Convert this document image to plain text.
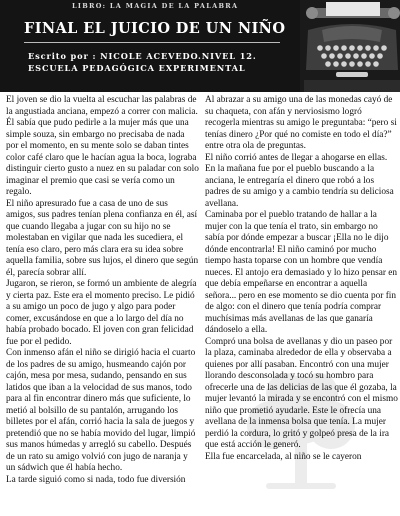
LIBRO: LA MAGIA DE LA PALABRA
FINAL EL JUICIO DE UN NIÑO
Escrito por : NICOLE ACEVEDO.NIVEL 12.
ESCUELA PEDAGÓGICA EXPERIMENTAL

El joven se dio la vuelta al escuchar las palabras de la angustiada anciana, empezó a correr con malicia. Él sabía que pudo pedirle a la mujer más que una simple souza, sin embargo no precisaba de nada por el momento, en su mente solo se daban tintes color café claro que le hacían agua la boca, lograba distinguir cierto gusto a nuez en su paladar con solo imaginar el premio que casi se vería como un regalo.

El niño apresurado fue a casa de uno de sus amigos, sus padres tenían plena confianza en él, así que cuando llegaba a jugar con su hijo no se molestaban en vigilar que nada les sucediera, el tenía eso claro, pero más clara era su idea sobre aquella familia, sobre sus lujos, el dinero que según él, parecía sobrar allí.

Jugaron, se rieron, se formó un ambiente de alegría y cierta paz. Este era el momento preciso. Le pidió a su amigo un poco de jugo y algo para poder comer, excusándose en que a lo largo del día no había probado bocado. El joven con gran felicidad fue por el pedido.

Con inmenso afán el niño se dirigió hacia el cuarto de los padres de su amigo, husmeando cajón por cajón, mesa por mesa, sudando, pensando en sus latidos que iban a la velocidad de sus manos, todo para al fin encontrar dinero más que suficiente, lo metió al bolsillo de su pantalón, arrugando los billetes por el afán, corrió hacia la sala de juegos y pretendió que no se había movido del lugar, limpió sus manos húmedas y arregló su cabello. Después de un rato su amigo volvió con jugo de naranja y un sádwich que él había hecho.

La tarde siguió como si nada, todo fue diversión

Al abrazar a su amigo una de las monedas cayó de su chaqueta, con afán y nerviosismo logró recogerla mientras su amigo le preguntaba: “pero si tenías dinero ¿Por qué no comiste en todo el día?” entre otra ola de preguntas.

El niño corrió antes de llegar a ahogarse en ellas.

En la mañana fue por el pueblo buscando a la anciana, le entregaría el dinero que robó a los padres de su amigo y a cambio tendría su deliciosa avellana.

Caminaba por el pueblo tratando de hallar a la mujer con la que tenía el trato, sin embargo no sabía por dónde empezar a buscar ¡Ella no le dijo dónde encontrarla! El niño caminó por mucho tiempo hasta toparse con un hombre que vendía nueces. El antojo era demasiado y lo hizo pensar en que debía empeñarse en encontrar a aquella señora... pero en ese momento se dio cuenta por fin de algo: con el dinero que tenía podría comprar muchísimas más avellanas de las que ganaría dándoselo a ella.

Compró una bolsa de avellanas y dio un paseo por la plaza, caminaba alrededor de ella y observaba a quienes por allí pasaban. Encontró con una mujer llorando desconsolada y tocó su hombro para ofrecerle una de las delicias de las que él gozaba, la mujer levantó la mirada y se encontró con el mismo niño que prometió ayudarle. Este le ofrecía una avellana de la inmensa bolsa que tenía. La mujer perdió la cordura, lo gritó y golpeó presa de la ira que está acción le generó.

Ella fue encarcelada, al niño se le cayeron
